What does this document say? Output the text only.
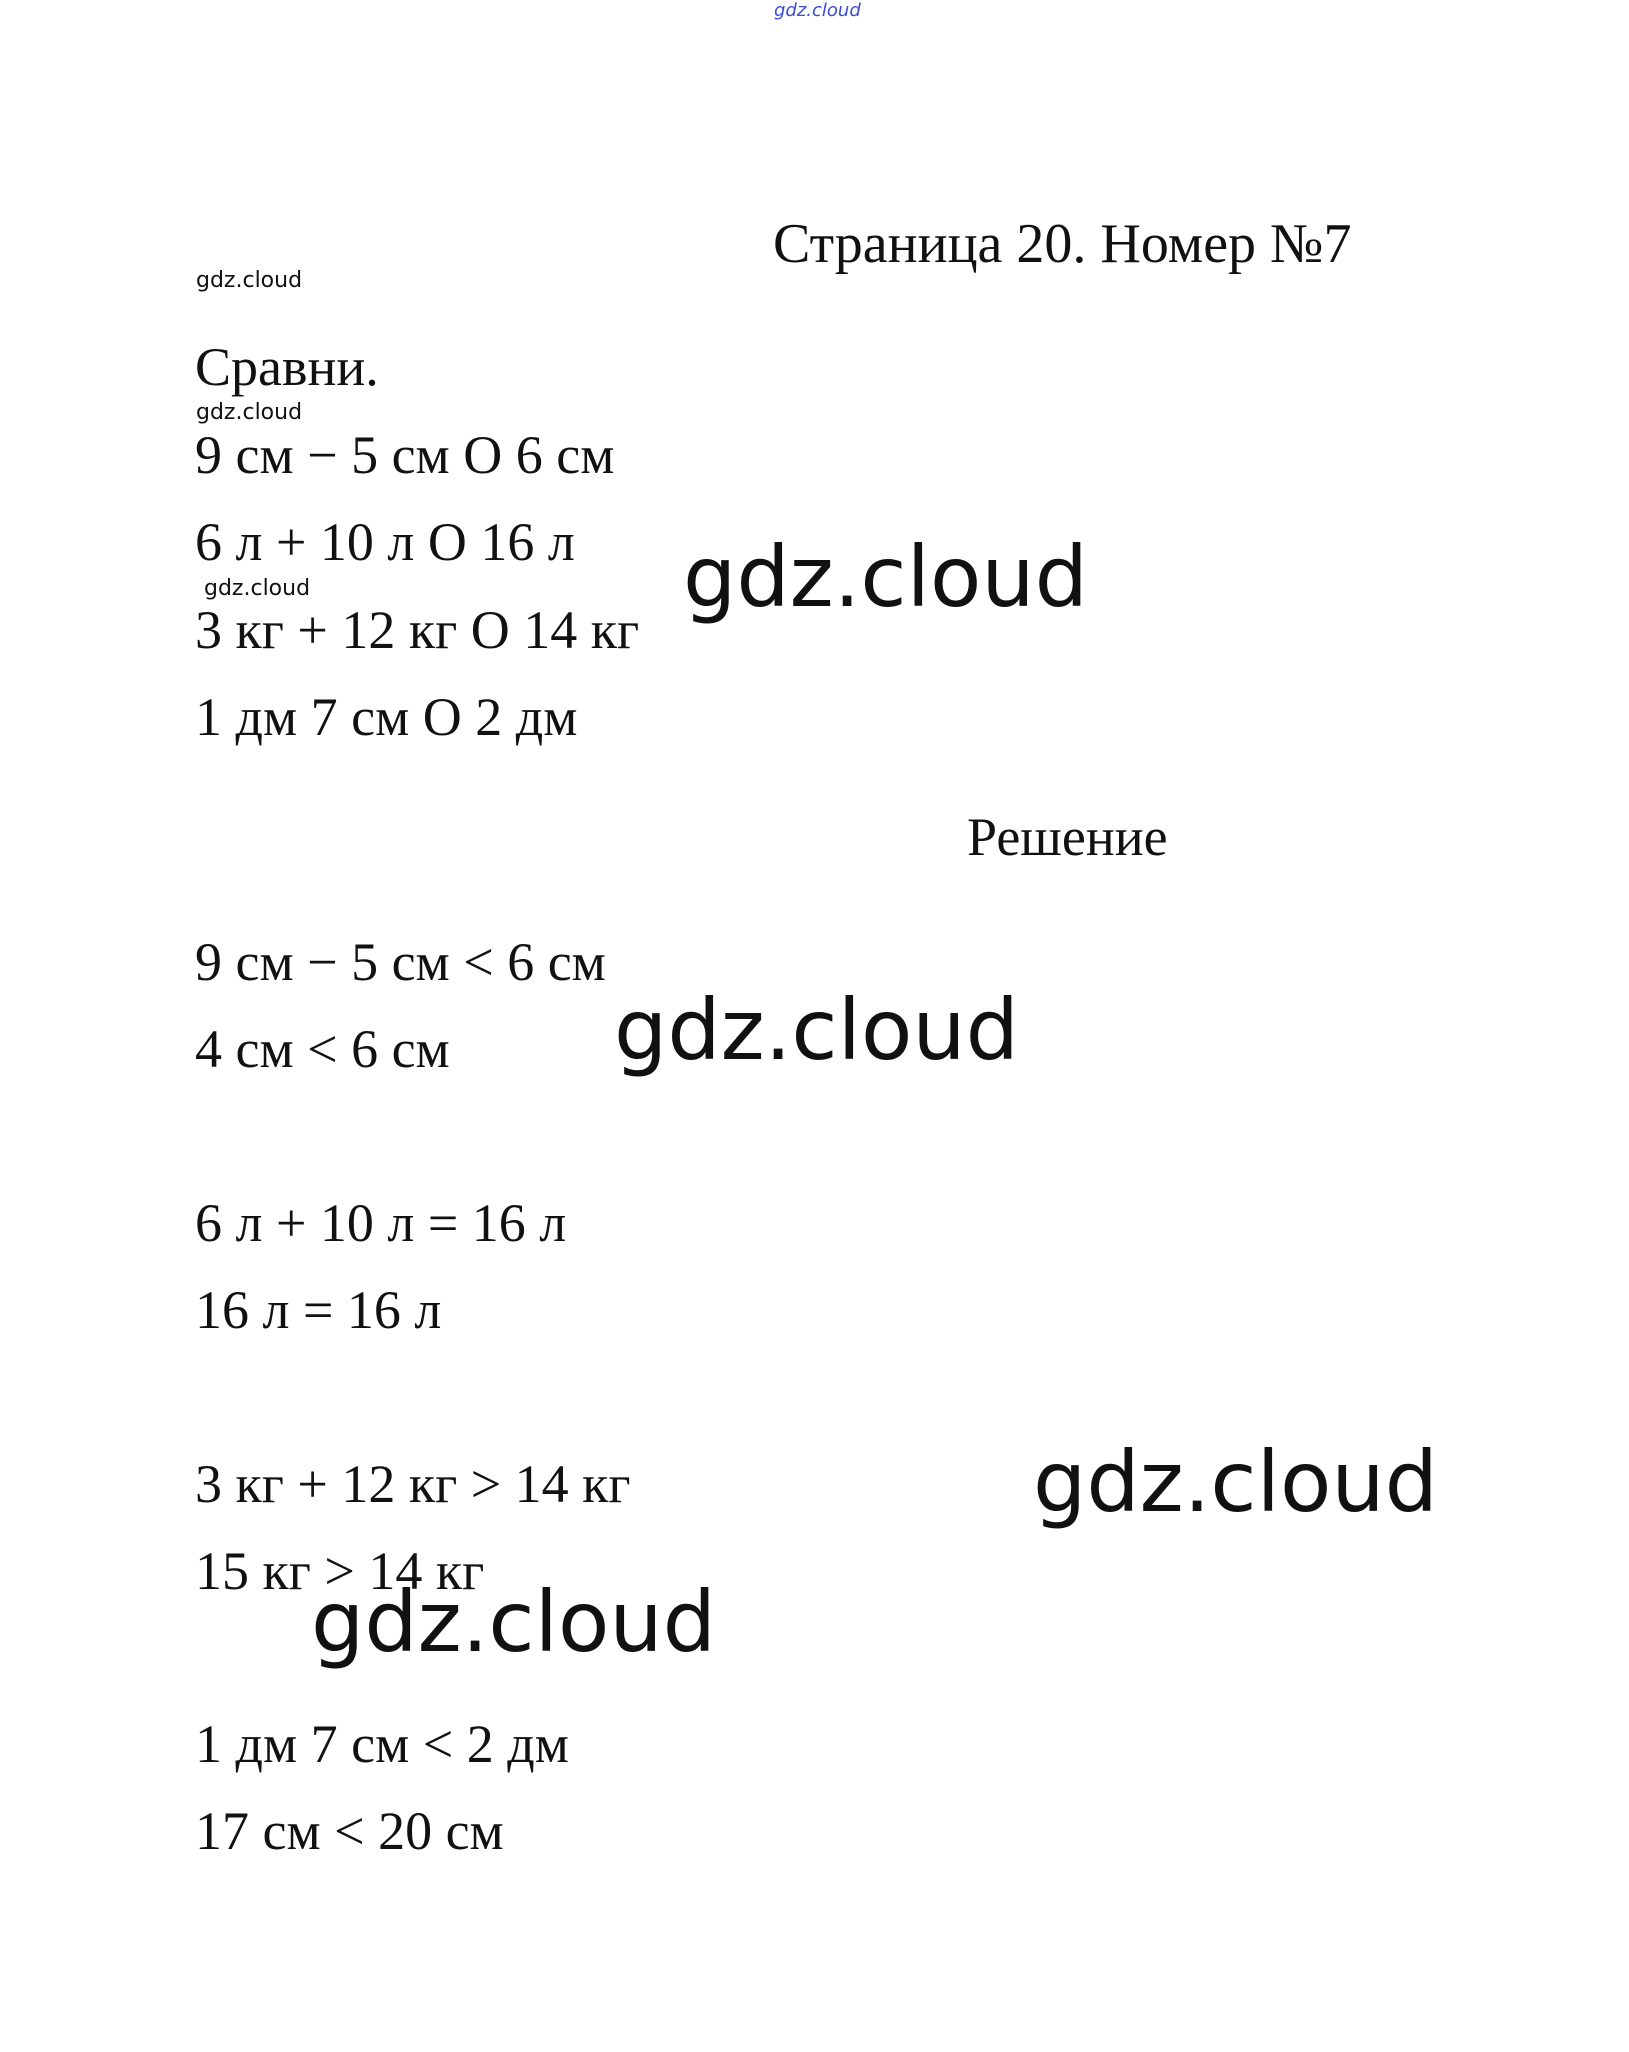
gdz.cloud
Страница 20. Номер №7
gdz.cloud
gdz.cloud
gdz.cloud
Сравни.
9 см − 5 см О 6 см
6 л + 10 л О 16 л
3 кг + 12 кг О 14 кг
1 дм 7 см О 2 дм
gdz.cloud
Решение
9 см − 5 см < 6 см
4 см < 6 см gdz.cloud
6 л + 10 л = 16 л
16 л = 16 л
3 кг + 12 кг > 14 кг
15 кг > 14 кг
gdz.cloud
gdz.cloud
1 дм 7 см < 2 дм
17 см < 20 см
